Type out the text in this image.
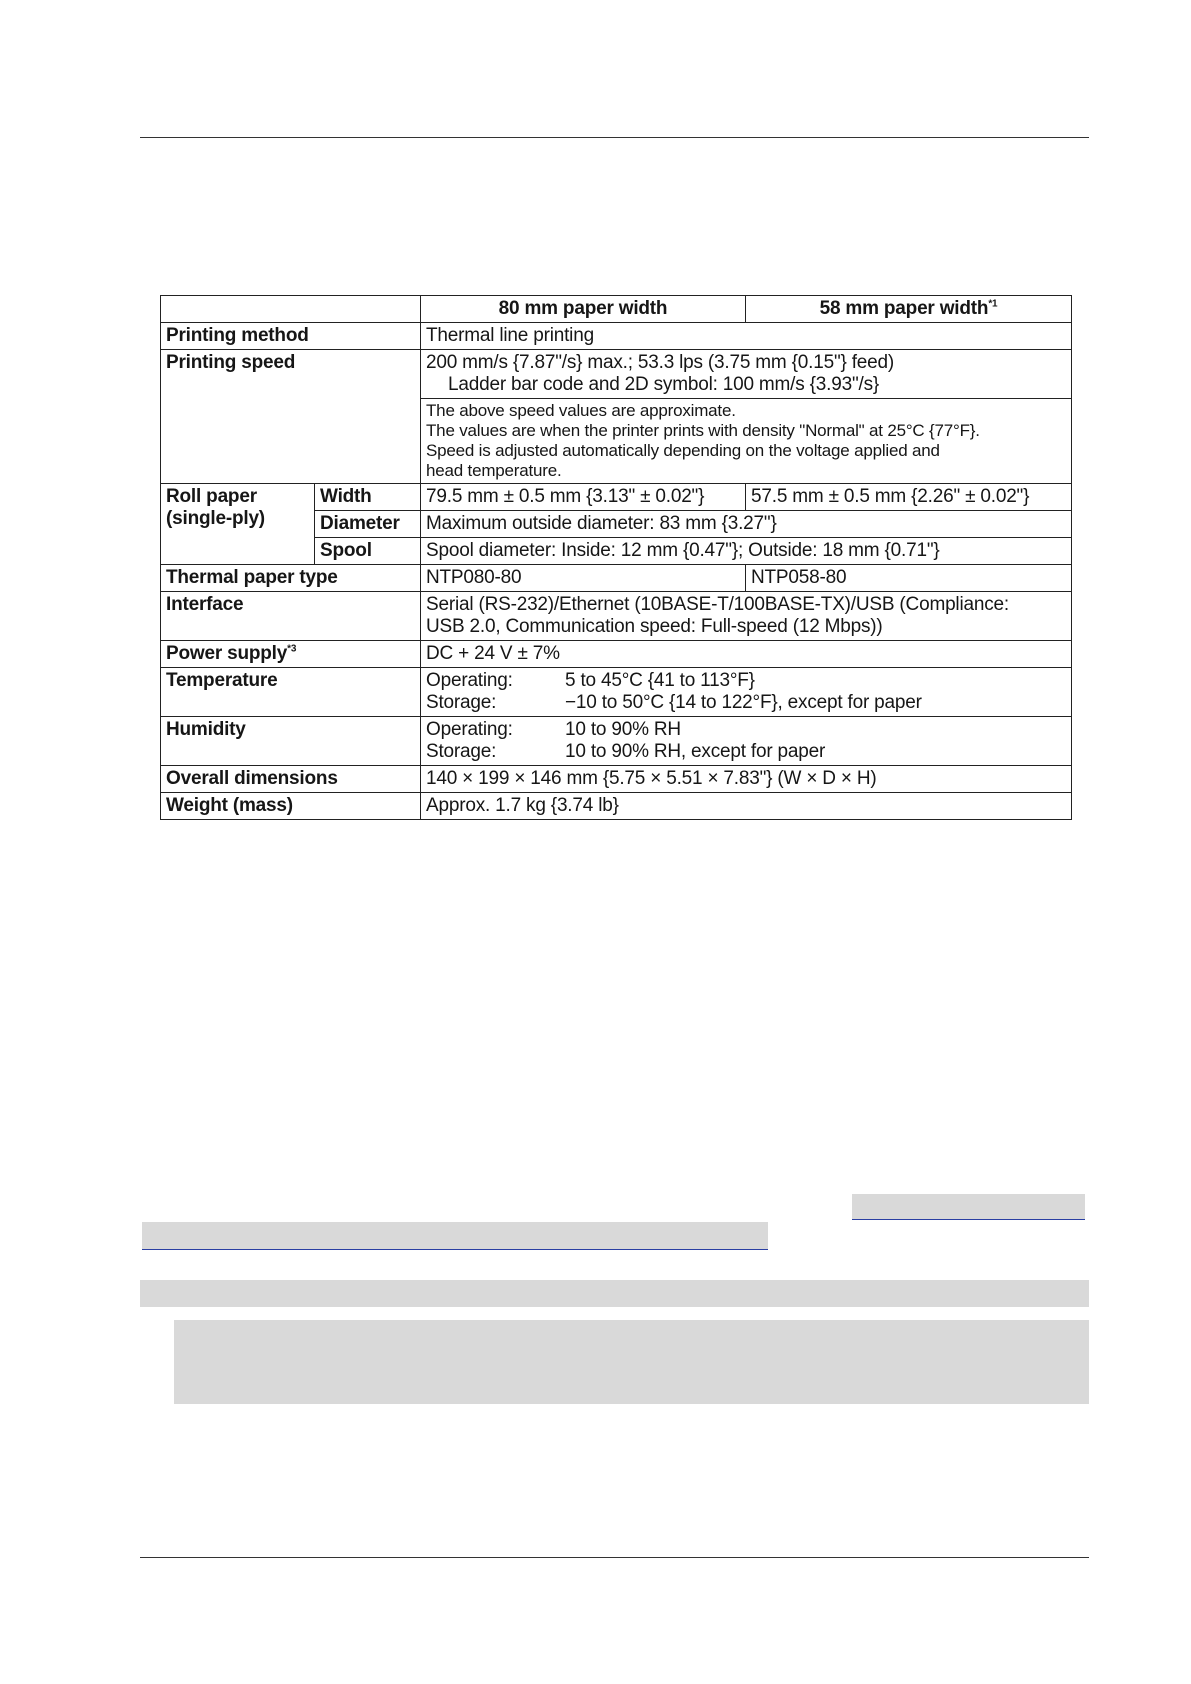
		80 mm paper width	58 mm paper width$^{*1}$
Printing method		Thermal line printing	
Printing speed		200 mm/s {7.87"/s} max.; 53.3 lps (3.75 mm {0.15"} feed)
Ladder bar code and 2D symbol: 100 mm/s {3.93"/s}	

		The above speed values are approximate.
The values are when the printer prints with density "Normal" at 25°C {77°F}.
Speed is adjusted automatically depending on the voltage applied and
head temperature.	

Roll paper
(single-ply)	Width	79.5 mm ± 0.5 mm {3.13" ± 0.02"}	57.5 mm ± 0.5 mm {2.26" ± 0.02"}
	Diameter	Maximum outside diameter: 83 mm {3.27"}	
	Spool	Spool diameter: Inside: 12 mm {0.47"}; Outside: 18 mm {0.71"}	
Thermal paper type		NTP080-80	NTP058-80
Interface		Serial (RS-232)/Ethernet (10BASE-T/100BASE-TX)/USB (Compliance:
USB 2.0, Communication speed: Full-speed (12 Mbps))	

Power supply$^{*3}$		DC + 24 V ± 7%	
Temperature		Operating: 5 to 45°C {41 to 113°F}
Storage: −10 to 50°C {14 to 122°F}, except for paper	

Humidity		Operating: 10 to 90% RH
Storage: 10 to 90% RH, except for paper	

Overall dimensions		140 × 199 × 146 mm {5.75 × 5.51 × 7.83"} (W × D × H)	
Weight (mass)		Approx. 1.7 kg {3.74 lb}	
